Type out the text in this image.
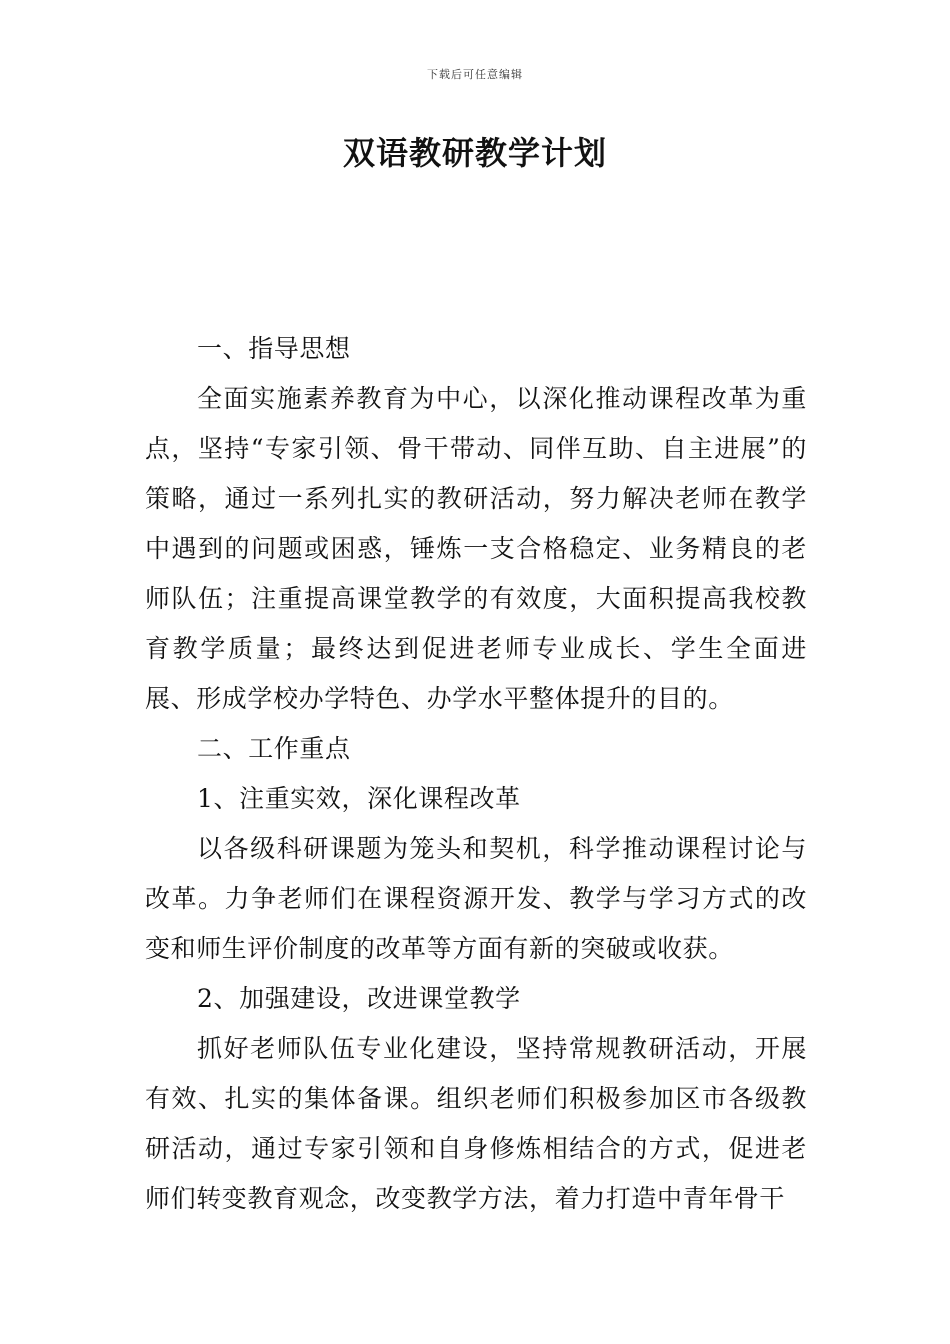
下载后可任意编辑
双语教研教学计划

一、指导思想

全面实施素养教育为中心，以深化推动课程改革为重点，坚持“专家引领、骨干带动、同伴互助、自主进展”的策略，通过一系列扎实的教研活动，努力解决老师在教学中遇到的问题或困惑，锤炼一支合格稳定、业务精良的老师队伍；注重提高课堂教学的有效度，大面积提高我校教育教学质量；最终达到促进老师专业成长、学生全面进展、形成学校办学特色、办学水平整体提升的目的。

二、工作重点

1、注重实效，深化课程改革

以各级科研课题为笼头和契机，科学推动课程讨论与改革。力争老师们在课程资源开发、教学与学习方式的改变和师生评价制度的改革等方面有新的突破或收获。

2、加强建设，改进课堂教学

抓好老师队伍专业化建设，坚持常规教研活动，开展有效、扎实的集体备课。组织老师们积极参加区市各级教研活动，通过专家引领和自身修炼相结合的方式，促进老师们转变教育观念，改变教学方法，着力打造中青年骨干
